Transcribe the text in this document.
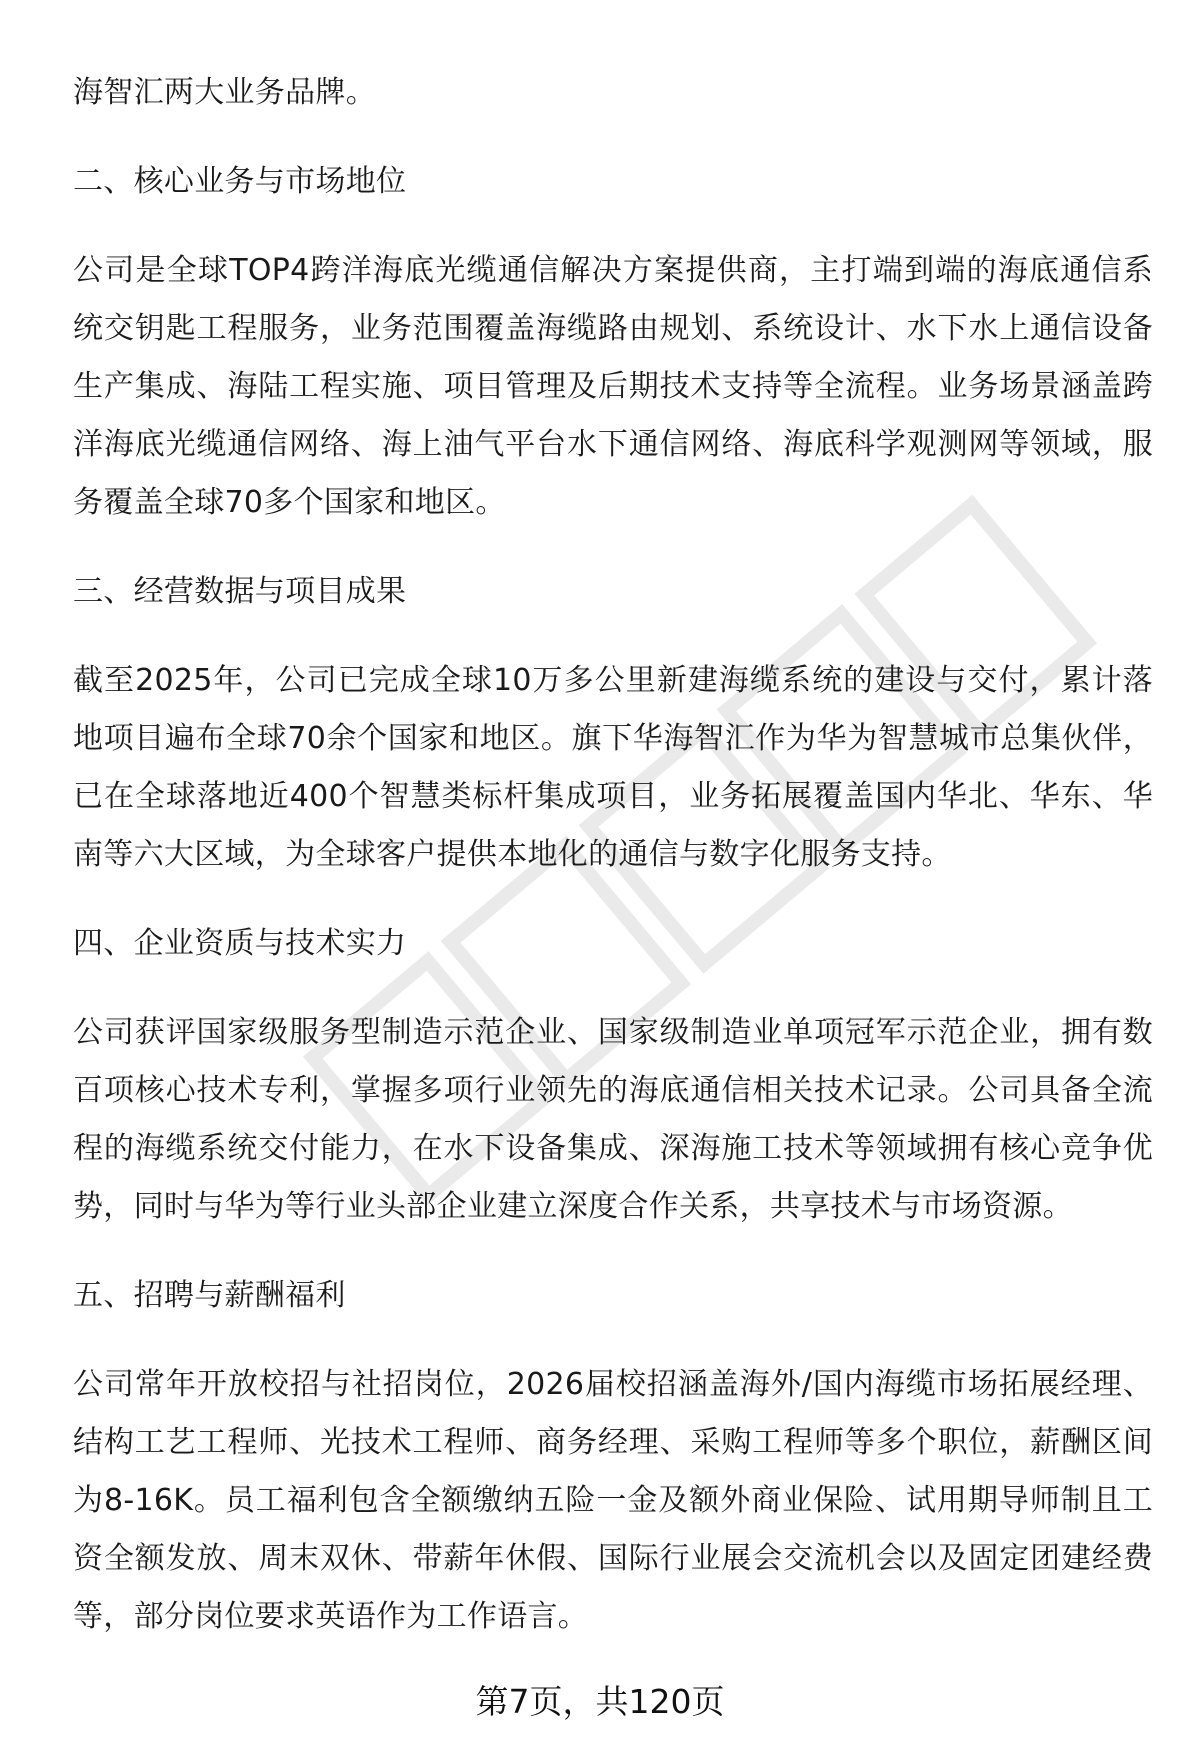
海智汇两大业务品牌。

二、核心业务与市场地位

公司是全球TOP4跨洋海底光缆通信解决方案提供商，主打端到端的海底通信系统交钥匙工程服务，业务范围覆盖海缆路由规划、系统设计、水下水上通信设备生产集成、海陆工程实施、项目管理及后期技术支持等全流程。业务场景涵盖跨洋海底光缆通信网络、海上油气平台水下通信网络、海底科学观测网等领域，服务覆盖全球70多个国家和地区。

三、经营数据与项目成果

截至2025年，公司已完成全球10万多公里新建海缆系统的建设与交付，累计落地项目遍布全球70余个国家和地区。旗下华海智汇作为华为智慧城市总集伙伴，已在全球落地近400个智慧类标杆集成项目，业务拓展覆盖国内华北、华东、华南等六大区域，为全球客户提供本地化的通信与数字化服务支持。

四、企业资质与技术实力

公司获评国家级服务型制造示范企业、国家级制造业单项冠军示范企业，拥有数百项核心技术专利，掌握多项行业领先的海底通信相关技术记录。公司具备全流程的海缆系统交付能力，在水下设备集成、深海施工技术等领域拥有核心竞争优势，同时与华为等行业头部企业建立深度合作关系，共享技术与市场资源。

五、招聘与薪酬福利

公司常年开放校招与社招岗位，2026届校招涵盖海外/国内海缆市场拓展经理、结构工艺工程师、光技术工程师、商务经理、采购工程师等多个职位，薪酬区间为8-16K。员工福利包含全额缴纳五险一金及额外商业保险、试用期导师制且工资全额发放、周末双休、带薪年休假、国际行业展会交流机会以及固定团建经费等，部分岗位要求英语作为工作语言。

第7页，共120页
